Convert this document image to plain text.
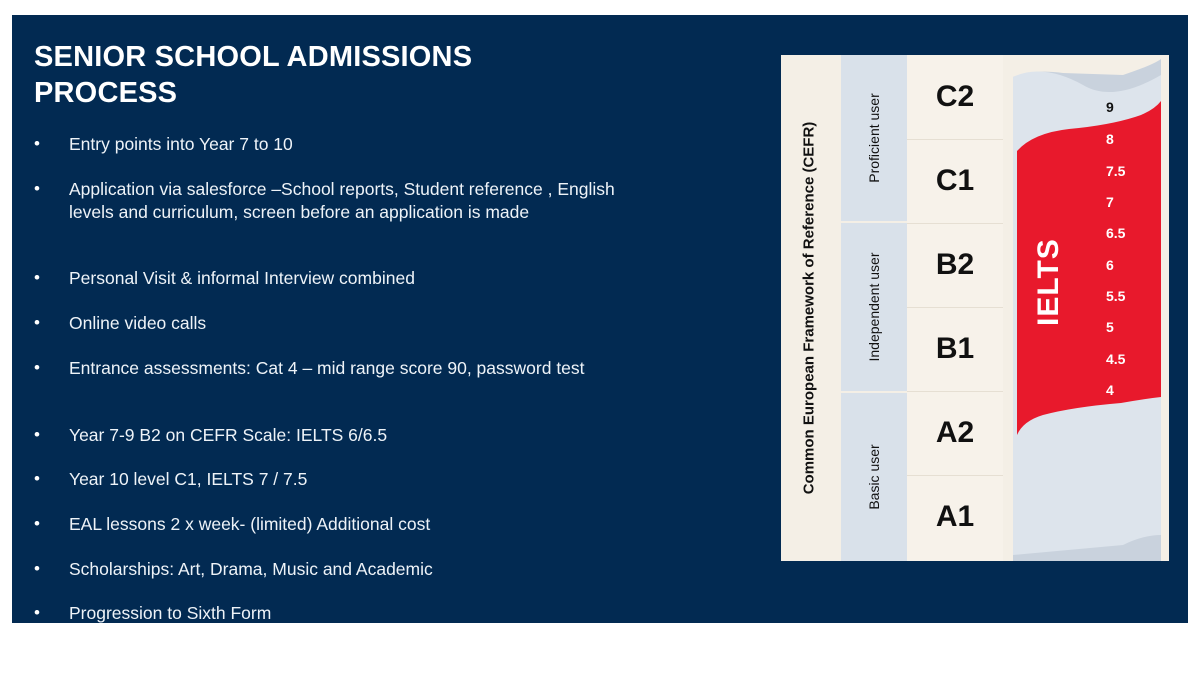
SENIOR SCHOOL ADMISSIONS
PROCESS
• Entry points into Year 7 to 10
• Application via salesforce –School reports, Student reference , English levels and curriculum, screen before an application is made
• Personal Visit & informal Interview combined
• Online video calls
• Entrance assessments: Cat 4 – mid range score 90, password test
• Year 7-9 B2 on CEFR Scale: IELTS 6/6.5
• Year 10 level C1, IELTS 7 / 7.5
• EAL lessons 2 x week- (limited) Additional cost
• Scholarships: Art, Drama, Music and Academic
• Progression to Sixth Form
Common European Framework of Reference (CEFR)	Proficient user
Independent user
Basic user
C2
C1
B2
B1
A2
A1
IELTS
9
8
7.5
7
6.5
6
5.5
5
4.5
4
